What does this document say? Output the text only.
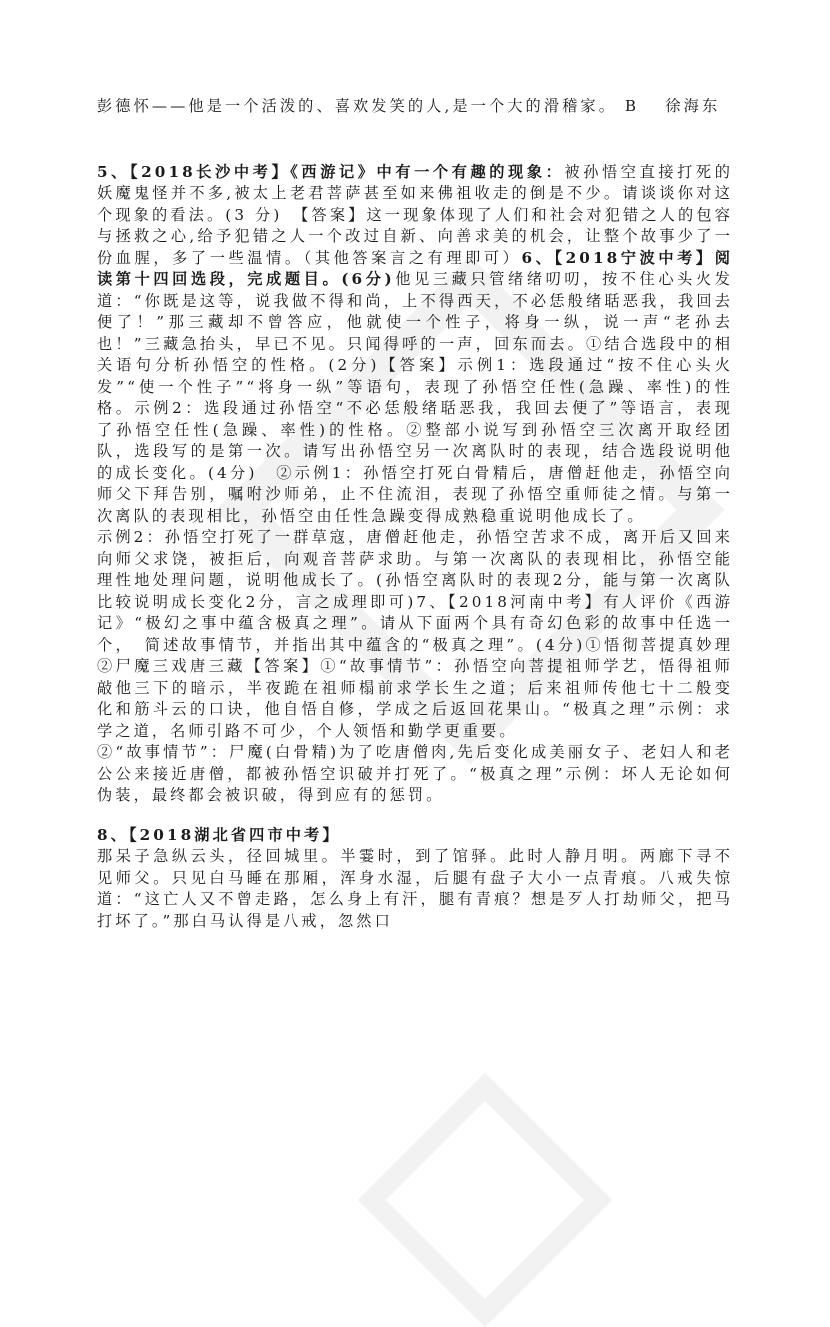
彭德怀——他是一个活泼的、喜欢发笑的人,是一个大的滑稽家。 B　 徐海东

5、【2018长沙中考】《西游记》中有一个有趣的现象：被孙悟空直接打死的妖魔鬼怪并不多,被太上老君菩萨甚至如来佛祖收走的倒是不少。请谈谈你对这个现象的看法。(3 分)　【答案】这一现象体现了人们和社会对犯错之人的包容与拯救之心,给予犯错之人一个改过自新、向善求美的机会，让整个故事少了一份血腥，多了一些温情。（其他答案言之有理即可）6、【2018宁波中考】阅读第十四回选段，完成题目。(6分)他见三藏只管绪绪叨叨，按不住心头火发道：“你既是这等，说我做不得和尚，上不得西天，不必恁般绪聒恶我，我回去便了！”那三藏却不曾答应，他就使一个性子，将身一纵，说一声“老孙去也！”三藏急抬头，早已不见。只闻得呼的一声，回东而去。①结合选段中的相关语句分析孙悟空的性格。(2分)【答案】示例1：选段通过“按不住心头火发”“使一个性子”“将身一纵”等语句，表现了孙悟空任性(急躁、率性)的性格。示例2：选段通过孙悟空“不必恁般绪聒恶我，我回去便了”等语言，表现了孙悟空任性(急躁、率性)的性格。②整部小说写到孙悟空三次离开取经团队，选段写的是第一次。请写出孙悟空另一次离队时的表现，结合选段说明他的成长变化。(4分)　②示例1：孙悟空打死白骨精后，唐僧赶他走，孙悟空向师父下拜告别，嘱咐沙师弟，止不住流泪，表现了孙悟空重师徒之情。与第一次离队的表现相比，孙悟空由任性急躁变得成熟稳重说明他成长了。

示例2：孙悟空打死了一群草寇，唐僧赶他走，孙悟空苦求不成，离开后又回来向师父求饶，被拒后，向观音菩萨求助。与第一次离队的表现相比，孙悟空能理性地处理问题，说明他成长了。(孙悟空离队时的表现2分，能与第一次离队比较说明成长变化2分，言之成理即可)7、【2018河南中考】有人评价《西游记》“极幻之事中蕴含极真之理”。请从下面两个具有奇幻色彩的故事中任选一个，　简述故事情节，并指出其中蕴含的“极真之理”。(4分)①悟彻菩提真妙理　　　②尸魔三戏唐三藏【答案】①“故事情节”：孙悟空向菩提祖师学艺，悟得祖师敲他三下的暗示，半夜跪在祖师榻前求学长生之道；后来祖师传他七十二般变化和筋斗云的口诀，他自悟自修，学成之后返回花果山。“极真之理”示例：求学之道，名师引路不可少，个人领悟和勤学更重要。

②“故事情节”：尸魔(白骨精)为了吃唐僧肉,先后变化成美丽女子、老妇人和老公公来接近唐僧，都被孙悟空识破并打死了。“极真之理”示例：坏人无论如何伪装，最终都会被识破，得到应有的惩罚。

8、【2018湖北省四市中考】

那呆子急纵云头，径回城里。半霎时，到了馆驿。此时人静月明。两廊下寻不见师父。只见白马睡在那厢，浑身水湿，后腿有盘子大小一点青痕。八戒失惊道：“这亡人又不曾走路，怎么身上有汗，腿有青痕？想是歹人打劫师父，把马打坏了。”那白马认得是八戒，忽然口
